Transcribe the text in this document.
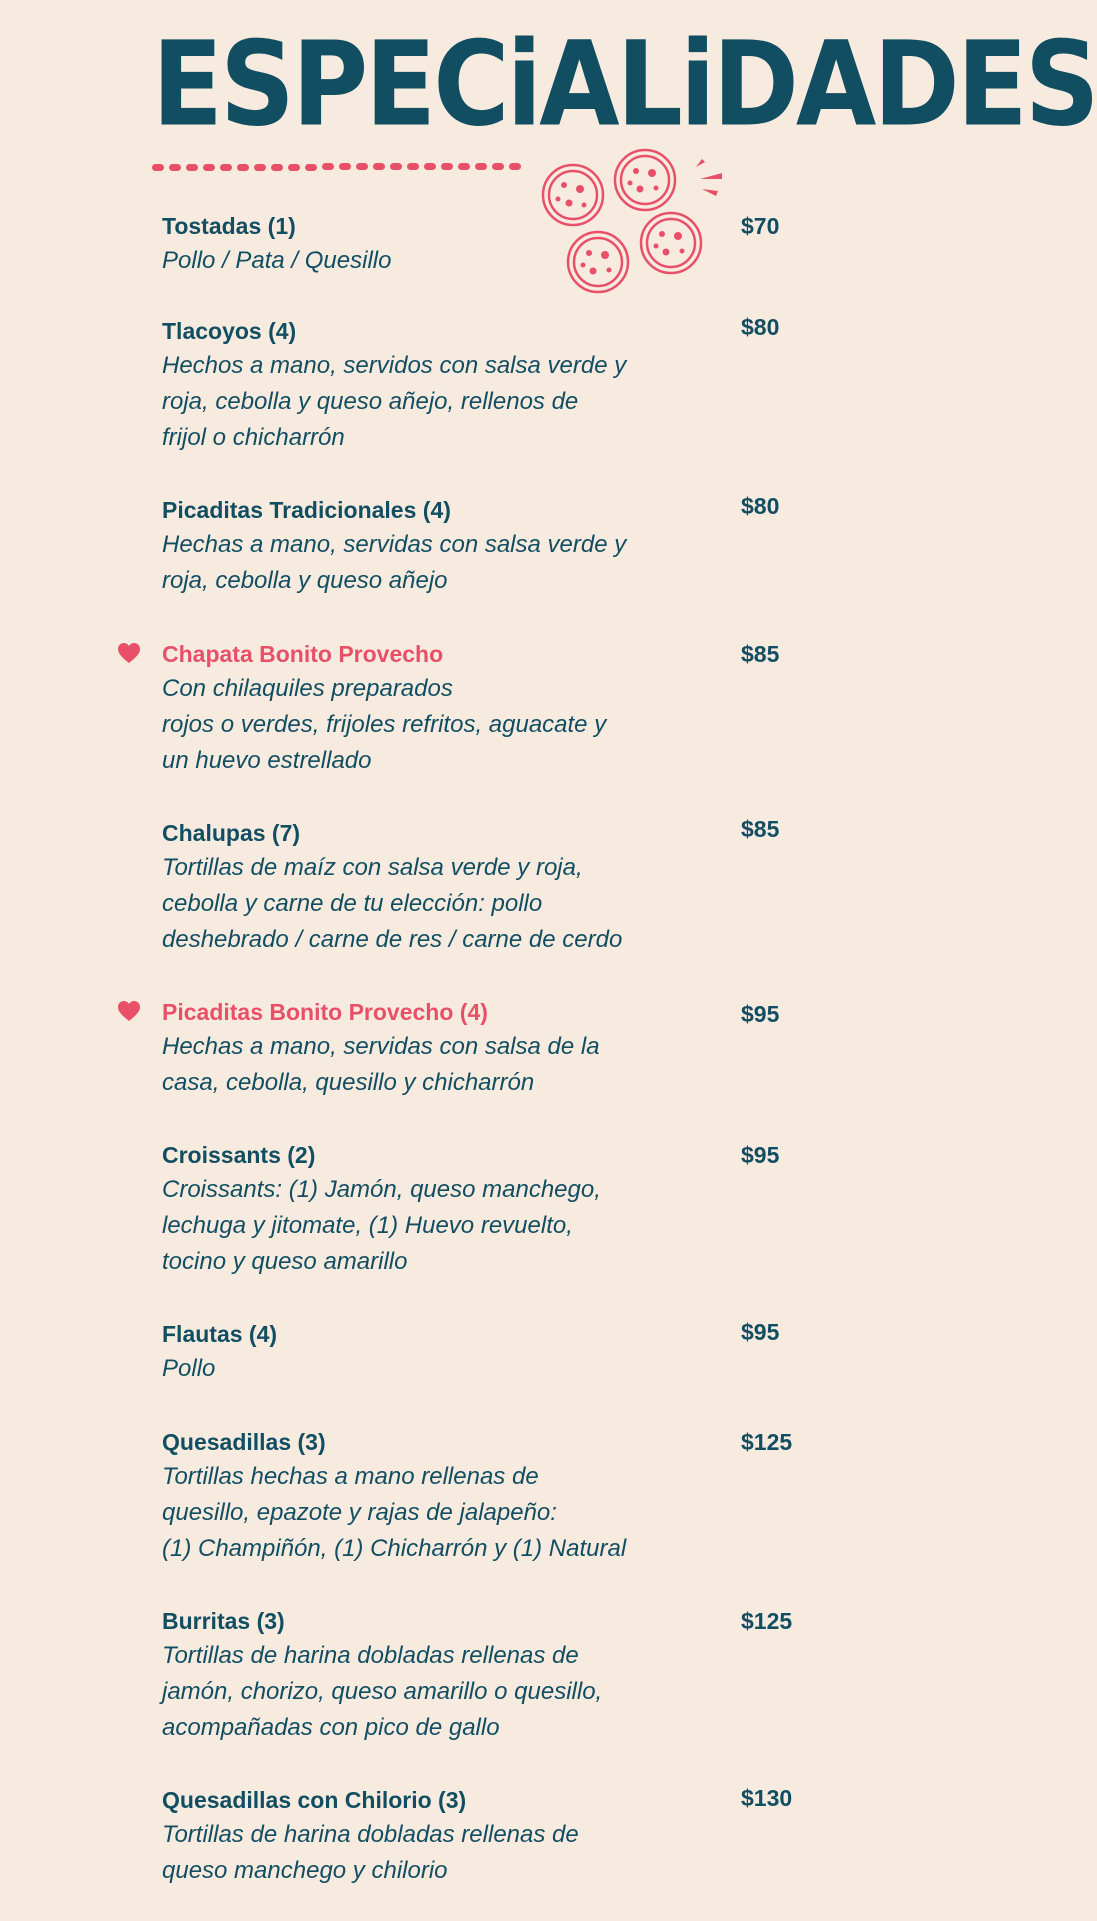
ESPECiALiDADES
Tostadas (1)
Pollo / Pata / Quesillo
$70
Tlacoyos (4)
Hechos a mano, servidos con salsa verde y
roja, cebolla y queso añejo, rellenos de
frijol o chicharrón
$80
Picaditas Tradicionales (4)
Hechas a mano, servidas con salsa verde y
roja, cebolla y queso añejo
$80
Chapata Bonito Provecho
Con chilaquiles preparados
rojos o verdes, frijoles refritos, aguacate y
un huevo estrellado
$85
Chalupas (7)
Tortillas de maíz con salsa verde y roja,
cebolla y carne de tu elección: pollo
deshebrado / carne de res / carne de cerdo
$85
Picaditas Bonito Provecho (4)
Hechas a mano, servidas con salsa de la
casa, cebolla, quesillo y chicharrón
$95
Croissants (2)
Croissants: (1) Jamón, queso manchego,
lechuga y jitomate, (1) Huevo revuelto,
tocino y queso amarillo
$95
Flautas (4)
Pollo
$95
Quesadillas (3)
Tortillas hechas a mano rellenas de
quesillo, epazote y rajas de jalapeño:
(1) Champiñón, (1) Chicharrón y (1) Natural
$125
Burritas (3)
Tortillas de harina dobladas rellenas de
jamón, chorizo, queso amarillo o quesillo,
acompañadas con pico de gallo
$125
Quesadillas con Chilorio (3)
Tortillas de harina dobladas rellenas de
queso manchego y chilorio
$130
